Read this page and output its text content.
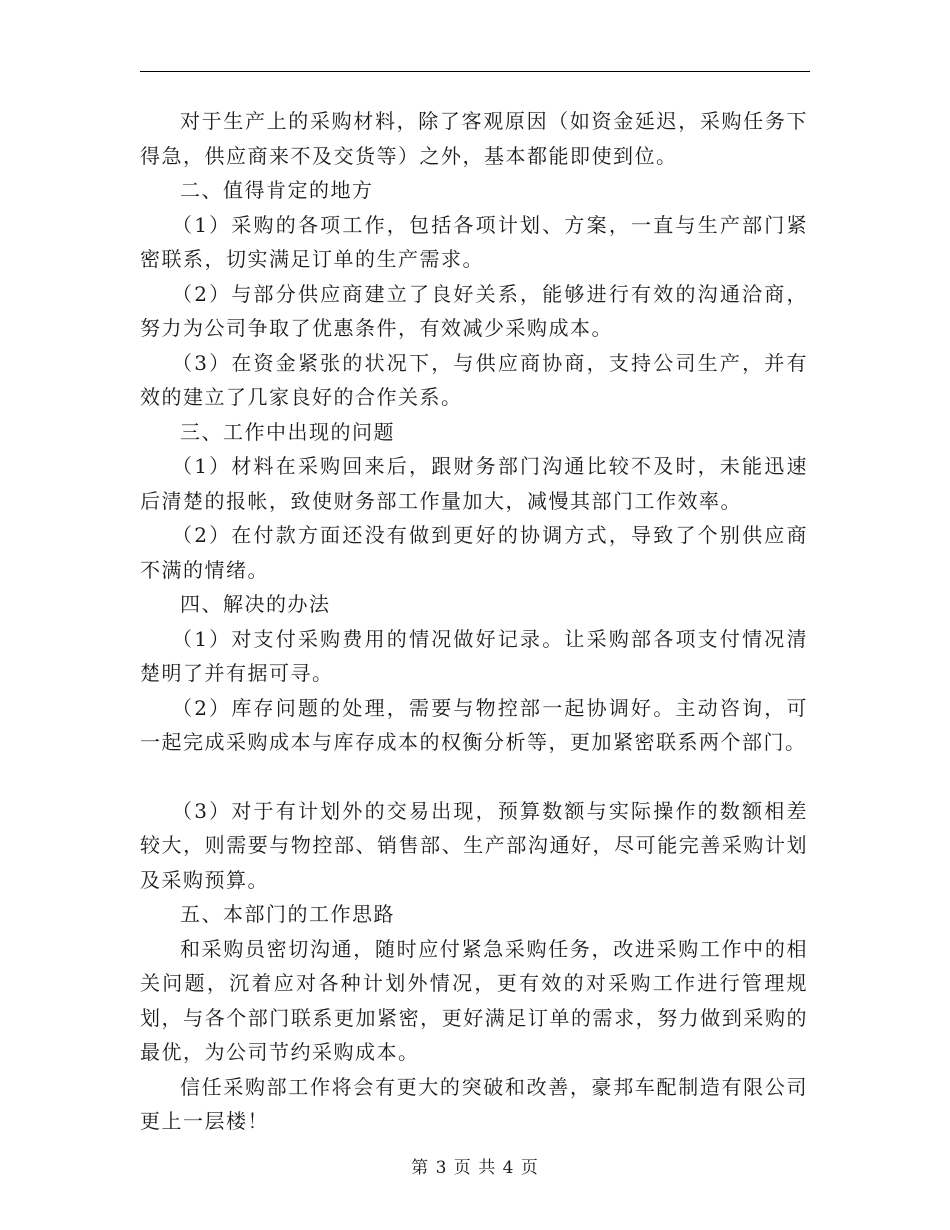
对于生产上的采购材料，除了客观原因（如资金延迟，采购任务下得急，供应商来不及交货等）之外，基本都能即使到位。

二、值得肯定的地方

（1）采购的各项工作，包括各项计划、方案，一直与生产部门紧密联系，切实满足订单的生产需求。

（2）与部分供应商建立了良好关系，能够进行有效的沟通洽商，努力为公司争取了优惠条件，有效减少采购成本。

（3）在资金紧张的状况下，与供应商协商，支持公司生产，并有效的建立了几家良好的合作关系。

三、工作中出现的问题

（1）材料在采购回来后，跟财务部门沟通比较不及时，未能迅速后清楚的报帐，致使财务部工作量加大，减慢其部门工作效率。

（2）在付款方面还没有做到更好的协调方式，导致了个别供应商不满的情绪。

四、解决的办法

（1）对支付采购费用的情况做好记录。让采购部各项支付情况清楚明了并有据可寻。

（2）库存问题的处理，需要与物控部一起协调好。主动咨询，可一起完成采购成本与库存成本的权衡分析等，更加紧密联系两个部门。

（3）对于有计划外的交易出现，预算数额与实际操作的数额相差较大，则需要与物控部、销售部、生产部沟通好，尽可能完善采购计划及采购预算。

五、本部门的工作思路

和采购员密切沟通，随时应付紧急采购任务，改进采购工作中的相关问题，沉着应对各种计划外情况，更有效的对采购工作进行管理规划，与各个部门联系更加紧密，更好满足订单的需求，努力做到采购的最优，为公司节约采购成本。

信任采购部工作将会有更大的突破和改善，豪邦车配制造有限公司更上一层楼！

第 3 页 共 4 页
